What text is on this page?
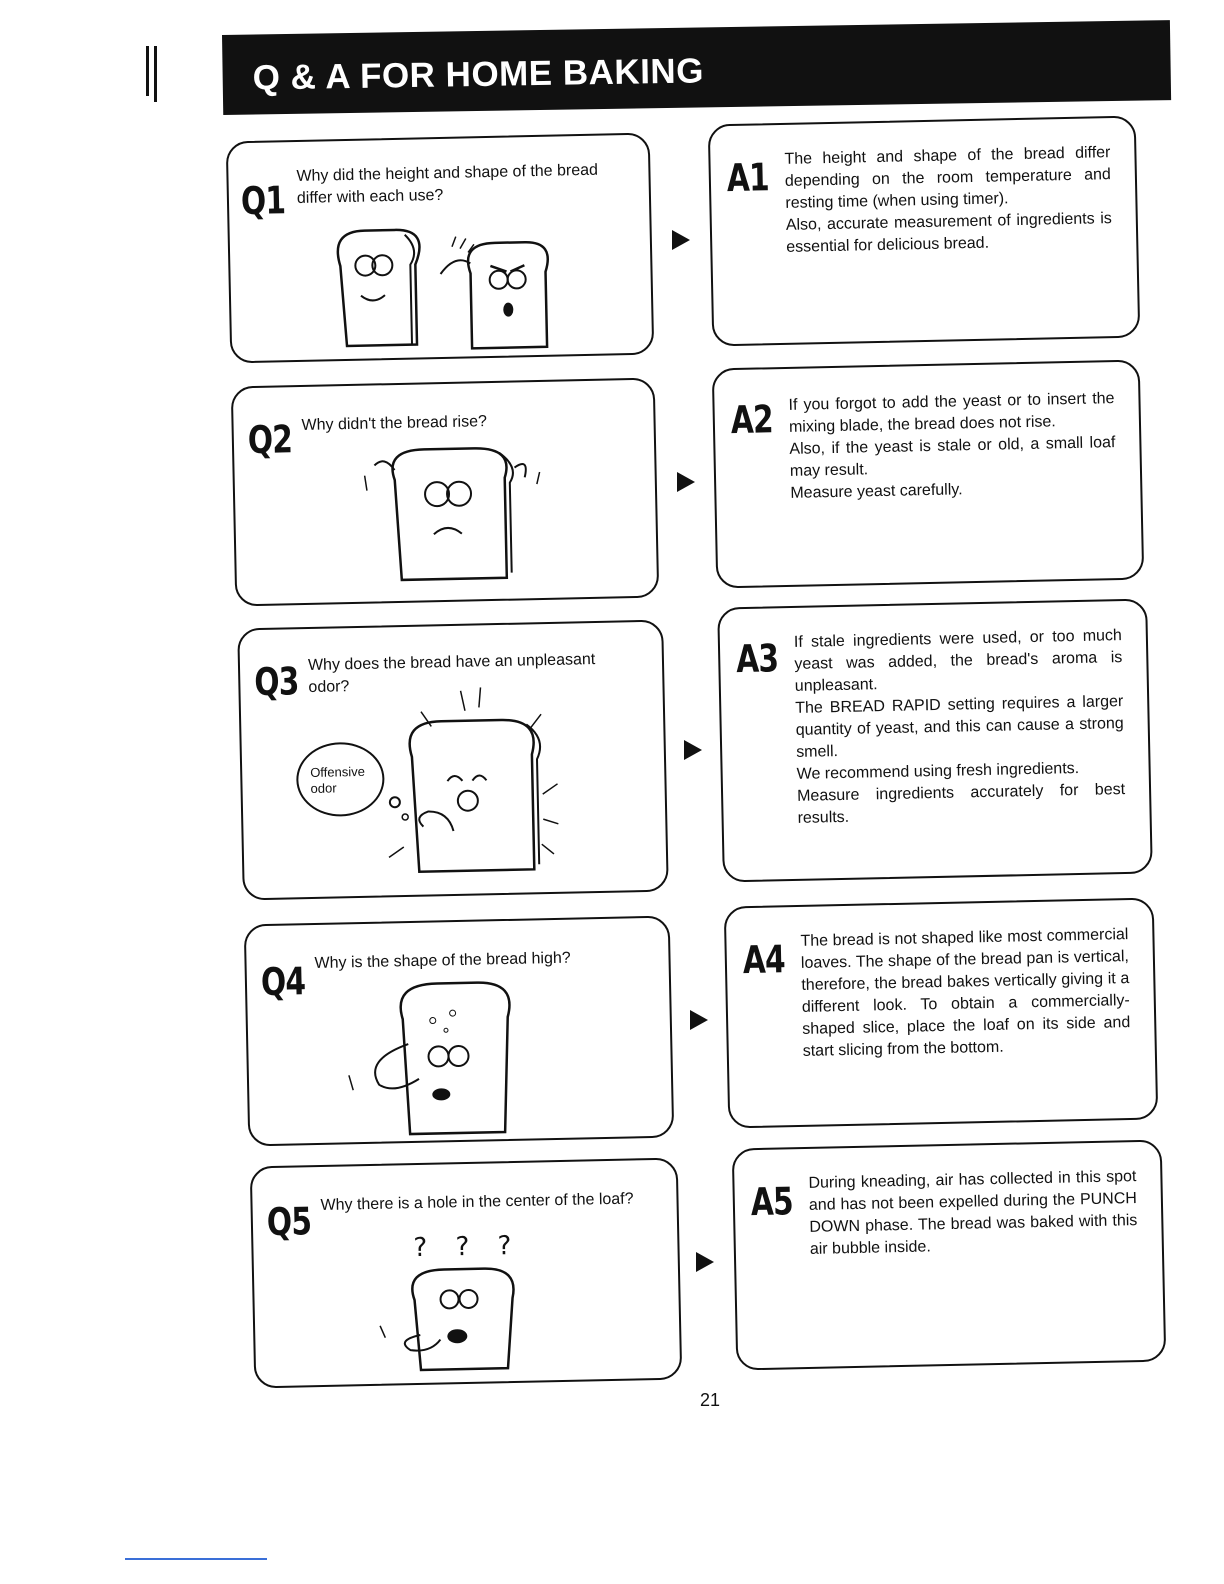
Q & A FOR HOME BAKING
Q1
Why did the height and shape of the bread differ with each use?	A1 The height and shape of the bread differ depending on the room temperature and resting time (when using timer).
Also, accurate measurement of ingredients is essential for delicious bread.
Q2 Why didn't the bread rise?	A2 If you forgot to add the yeast or to insert the mixing blade, the bread does not rise.
Also, if the yeast is stale or old, a small loaf may result.
Measure yeast carefully.
Q3 Why does the bread have an unpleasant odor?
Offensive
odor
A3 If stale ingredients were used, or too much yeast was added, the bread's aroma is unpleasant.
The BREAD RAPID setting requires a larger quantity of yeast, and this can cause a strong smell.
We recommend using fresh ingredients.
Measure ingredients accurately for best results.
Q4 Why is the shape of the bread high?	A4 The bread is not shaped like most commercial loaves. The shape of the bread pan is vertical, therefore, the bread bakes vertically giving it a different look. To obtain a commercially-shaped slice, place the loaf on its side and start slicing from the bottom.
Q5 Why there is a hole in the center of the loaf?
? ? ?
A5 During kneading, air has collected in this spot and has not been expelled during the PUNCH DOWN phase. The bread was baked with this air bubble inside.
21
